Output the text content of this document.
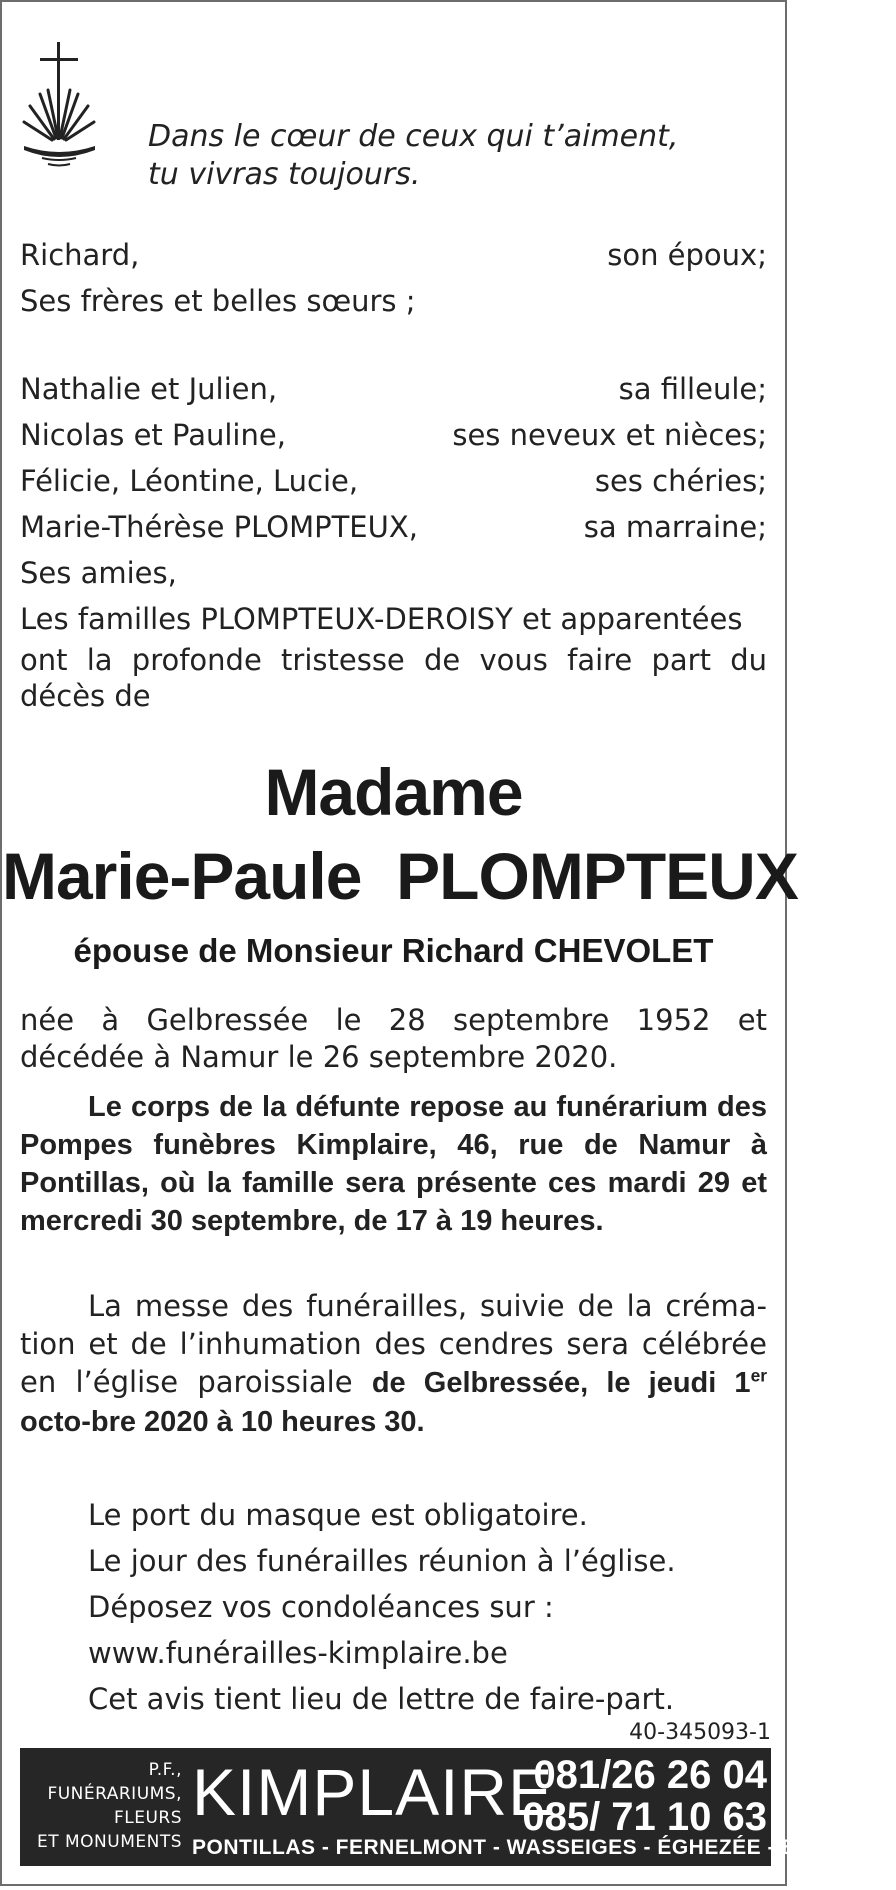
Dans le cœur de ceux qui t’aiment,
tu vivras toujours.
Richard,	son époux;
Ses frères et belles sœurs ;
Nathalie et Julien,	sa filleule;
Nicolas et Pauline,	ses neveux et nièces;
Félicie, Léontine, Lucie,	ses chéries;
Marie-Thérèse PLOMPTEUX,	sa marraine;
Ses amies,
Les familles PLOMPTEUX-DEROISY et apparentées
ont la profonde tristesse de vous faire part du
décès de
Madame
Marie-Paule  PLOMPTEUX
épouse de Monsieur Richard CHEVOLET
née à Gelbressée le 28 septembre 1952 et décédée à Namur le 26 septembre 2020.
Le corps de la défunte repose au funérarium des Pompes funèbres Kimplaire, 46, rue de Namur à Pontillas, où la famille sera présente ces mardi 29 et mercredi 30 septembre, de 17 à 19 heures.
La messe des funérailles, suivie de la créma-tion et de l’inhumation des cendres sera célébrée en l’église paroissiale de Gelbressée, le jeudi 1er octo-bre 2020 à 10 heures 30.
Le port du masque est obligatoire.
Le jour des funérailles réunion à l’église.
Déposez vos condoléances sur :
www.funérailles-kimplaire.be
Cet avis tient lieu de lettre de faire-part.
40-345093-1
P.F.,
FUNÉRARIUMS,
FLEURS
ET MONUMENTS
KIMPLAIRE
081/26 26 04
085/ 71 10 63
PONTILLAS - FERNELMONT - WASSEIGES - ÉGHEZÉE - BURDINNE
